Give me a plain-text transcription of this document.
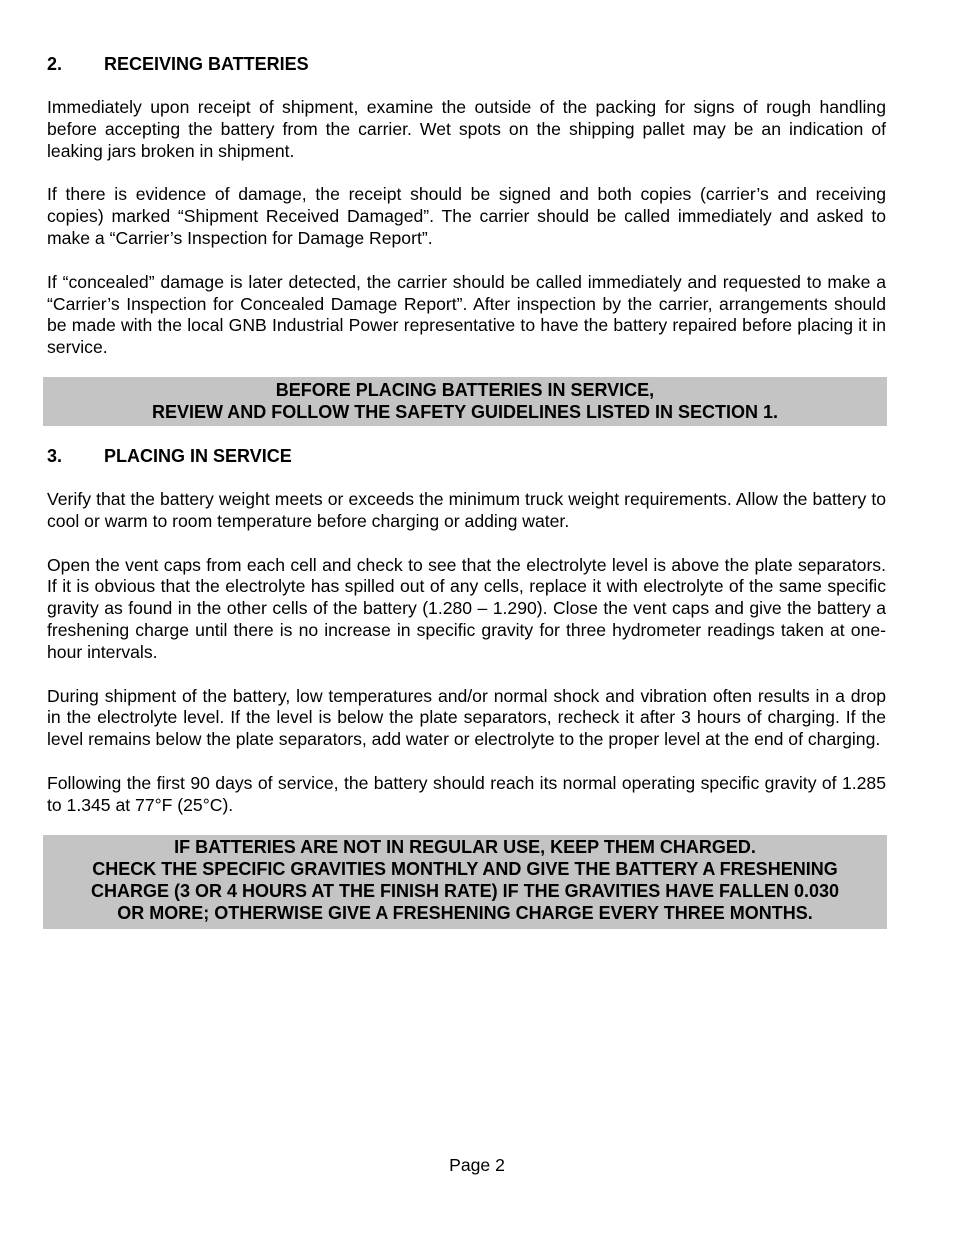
2.	RECEIVING BATTERIES

Immediately upon receipt of shipment, examine the outside of the packing for signs of rough handling before accepting the battery from the carrier. Wet spots on the shipping pallet may be an indication of leaking jars broken in shipment.

If there is evidence of damage, the receipt should be signed and both copies (carrier’s and receiving copies) marked “Shipment Received Damaged”. The carrier should be called immediately and asked to make a “Carrier’s Inspection for Damage Report”.

If “concealed” damage is later detected, the carrier should be called immediately and requested to make a “Carrier’s Inspection for Concealed Damage Report”. After inspection by the carrier, arrangements should be made with the local GNB Industrial Power representative to have the battery repaired before placing it in service.

BEFORE PLACING BATTERIES IN SERVICE,
REVIEW AND FOLLOW THE SAFETY GUIDELINES LISTED IN SECTION 1.
3.	PLACING IN SERVICE

Verify that the battery weight meets or exceeds the minimum truck weight requirements. Allow the battery to cool or warm to room temperature before charging or adding water.

Open the vent caps from each cell and check to see that the electrolyte level is above the plate separators. If it is obvious that the electrolyte has spilled out of any cells, replace it with electrolyte of the same specific gravity as found in the other cells of the battery (1.280 – 1.290). Close the vent caps and give the battery a freshening charge until there is no increase in specific gravity for three hydrometer readings taken at one-hour intervals.

During shipment of the battery, low temperatures and/or normal shock and vibration often results in a drop in the electrolyte level. If the level is below the plate separators, recheck it after 3 hours of charging. If the level remains below the plate separators, add water or electrolyte to the proper level at the end of charging.

Following the first 90 days of service, the battery should reach its normal operating specific gravity of 1.285 to 1.345 at 77°F (25°C).

IF BATTERIES ARE NOT IN REGULAR USE, KEEP THEM CHARGED.
CHECK THE SPECIFIC GRAVITIES MONTHLY AND GIVE THE BATTERY A FRESHENING
CHARGE (3 OR 4 HOURS AT THE FINISH RATE) IF THE GRAVITIES HAVE FALLEN 0.030
OR MORE; OTHERWISE GIVE A FRESHENING CHARGE EVERY THREE MONTHS.
Page 2
